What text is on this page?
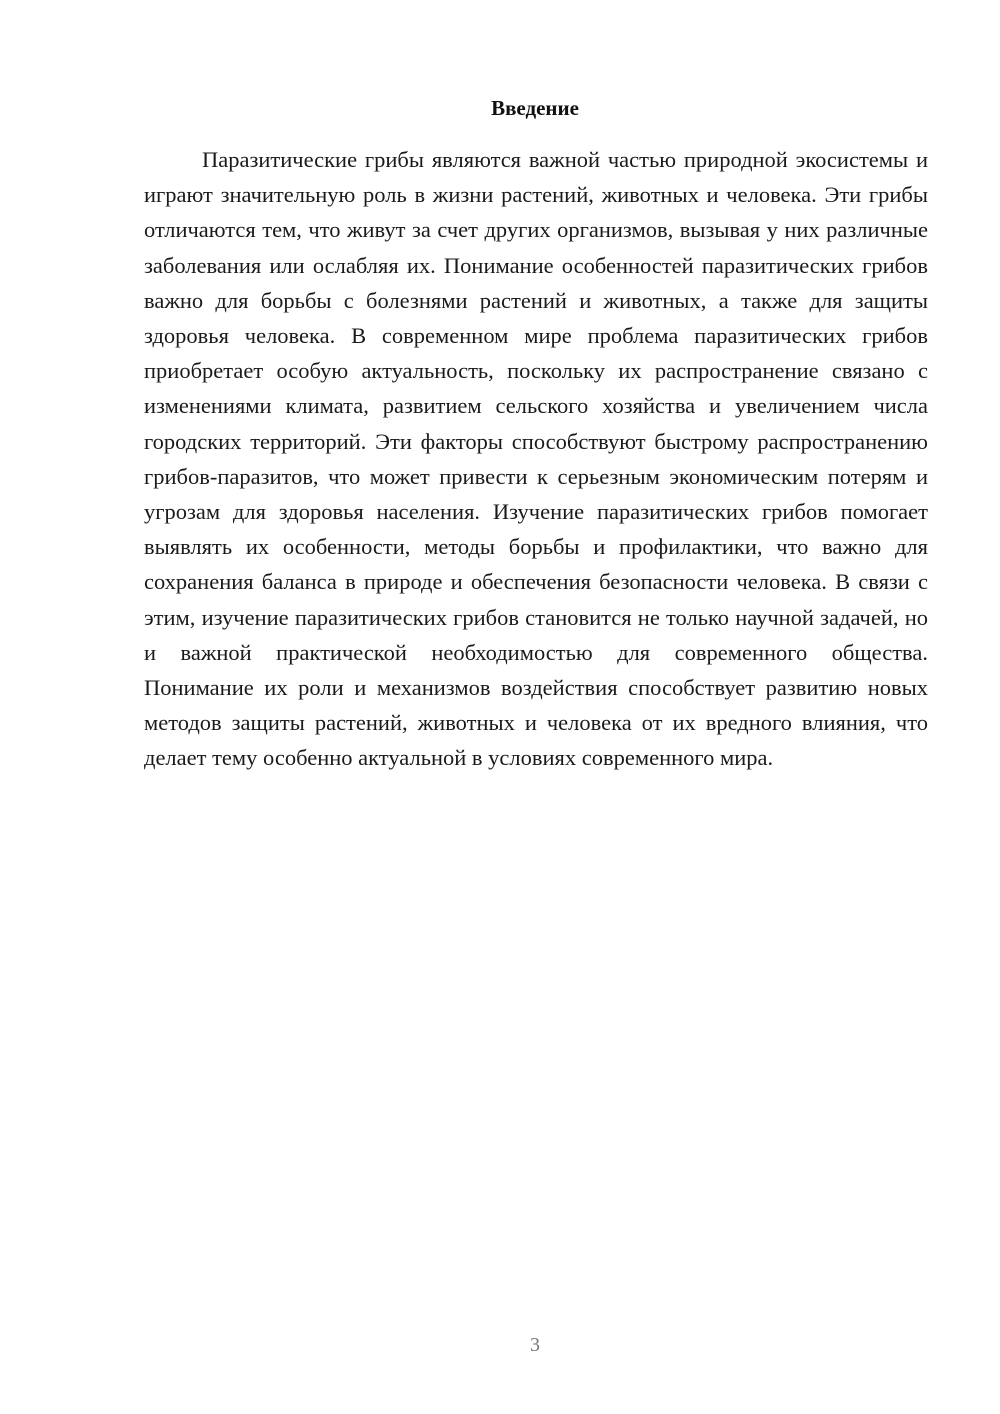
Введение

Паразитические грибы являются важной частью природной экосистемы и играют значительную роль в жизни растений, животных и человека. Эти грибы отличаются тем, что живут за счет других организмов, вызывая у них различные заболевания или ослабляя их. Понимание особенностей паразитических грибов важно для борьбы с болезнями растений и животных, а также для защиты здоровья человека. В современном мире проблема паразитических грибов приобретает особую актуальность, поскольку их распространение связано с изменениями климата, развитием сельского хозяйства и увеличением числа городских территорий. Эти факторы способствуют быстрому распространению грибов-паразитов, что может привести к серьезным экономическим потерям и угрозам для здоровья населения. Изучение паразитических грибов помогает выявлять их особенности, методы борьбы и профилактики, что важно для сохранения баланса в природе и обеспечения безопасности человека. В связи с этим, изучение паразитических грибов становится не только научной задачей, но и важной практической необходимостью для современного общества. Понимание их роли и механизмов воздействия способствует развитию новых методов защиты растений, животных и человека от их вредного влияния, что делает тему особенно актуальной в условиях современного мира.

3
